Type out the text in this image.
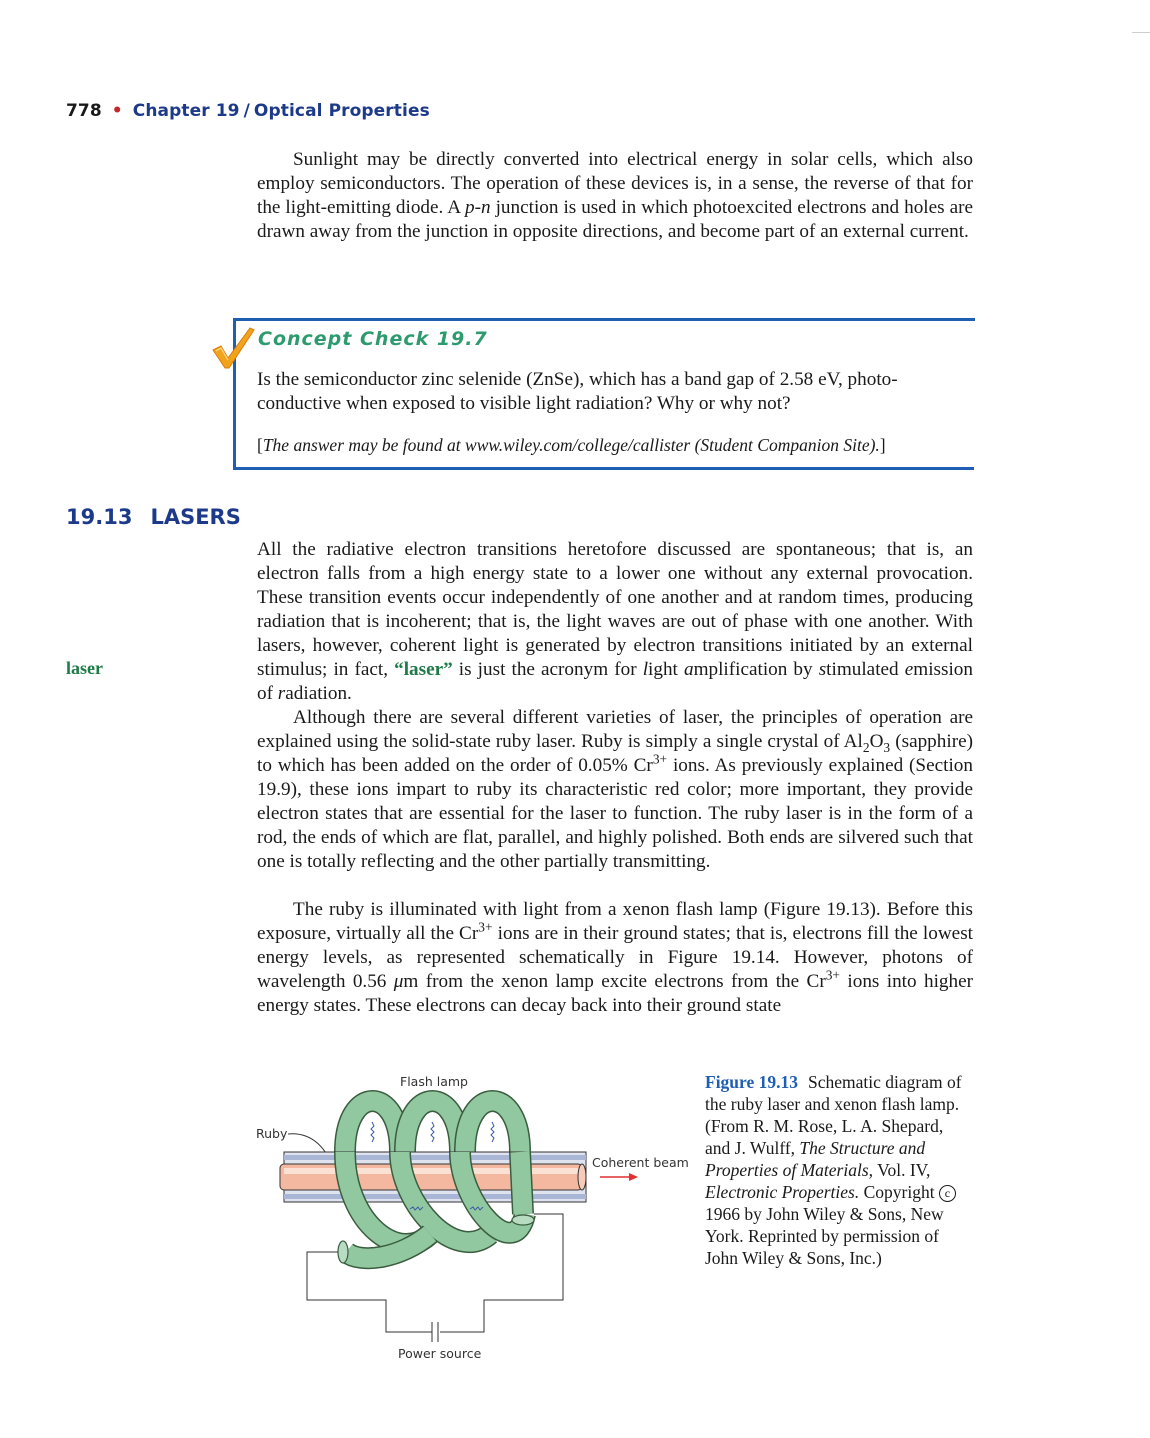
778 • Chapter 19 / Optical Properties

Sunlight may be directly converted into electrical energy in solar cells, which also employ semiconductors. The operation of these devices is, in a sense, the reverse of that for the light-emitting diode. A p-n junction is used in which photoexcited electrons and holes are drawn away from the junction in opposite directions, and become part of an external current.

Concept Check 19.7

Is the semiconductor zinc selenide (ZnSe), which has a band gap of 2.58 eV, photo-
conductive when exposed to visible light radiation? Why or why not?

[The answer may be found at www.wiley.com/college/callister (Student Companion Site).]
19.13 LASERS
laser

All the radiative electron transitions heretofore discussed are spontaneous; that is, an electron falls from a high energy state to a lower one without any external provocation. These transition events occur independently of one another and at random times, producing radiation that is incoherent; that is, the light waves are out of phase with one another. With lasers, however, coherent light is generated by electron transitions initiated by an external stimulus; in fact, “laser” is just the acronym for light amplification by stimulated emission of radiation.

Although there are several different varieties of laser, the principles of operation are explained using the solid-state ruby laser. Ruby is simply a single crystal of $Al_2O_3$ (sapphire) to which has been added on the order of 0.05% $Cr^{3+}$ ions. As previously explained (Section 19.9), these ions impart to ruby its characteristic red color; more important, they provide electron states that are essential for the laser to function. The ruby laser is in the form of a rod, the ends of which are flat, parallel, and highly polished. Both ends are silvered such that one is totally reflecting and the other partially transmitting.

The ruby is illuminated with light from a xenon flash lamp (Figure 19.13). Before this exposure, virtually all the $Cr^{3+}$ ions are in their ground states; that is, electrons fill the lowest energy levels, as represented schematically in Figure 19.14. However, photons of wavelength 0.56 μm from the xenon lamp excite electrons from the $Cr^{3+}$ ions into higher energy states. These electrons can decay back into their ground state

Flash lamp
Ruby
Coherent beam
Power source
Figure 19.13 Schematic diagram of the ruby laser and xenon flash lamp. (From R. M. Rose, L. A. Shepard, and J. Wulff, The Structure and Properties of Materials, Vol. IV, Electronic Properties. Copyright c 1966 by John Wiley & Sons, New York. Reprinted by permission of John Wiley & Sons, Inc.)
